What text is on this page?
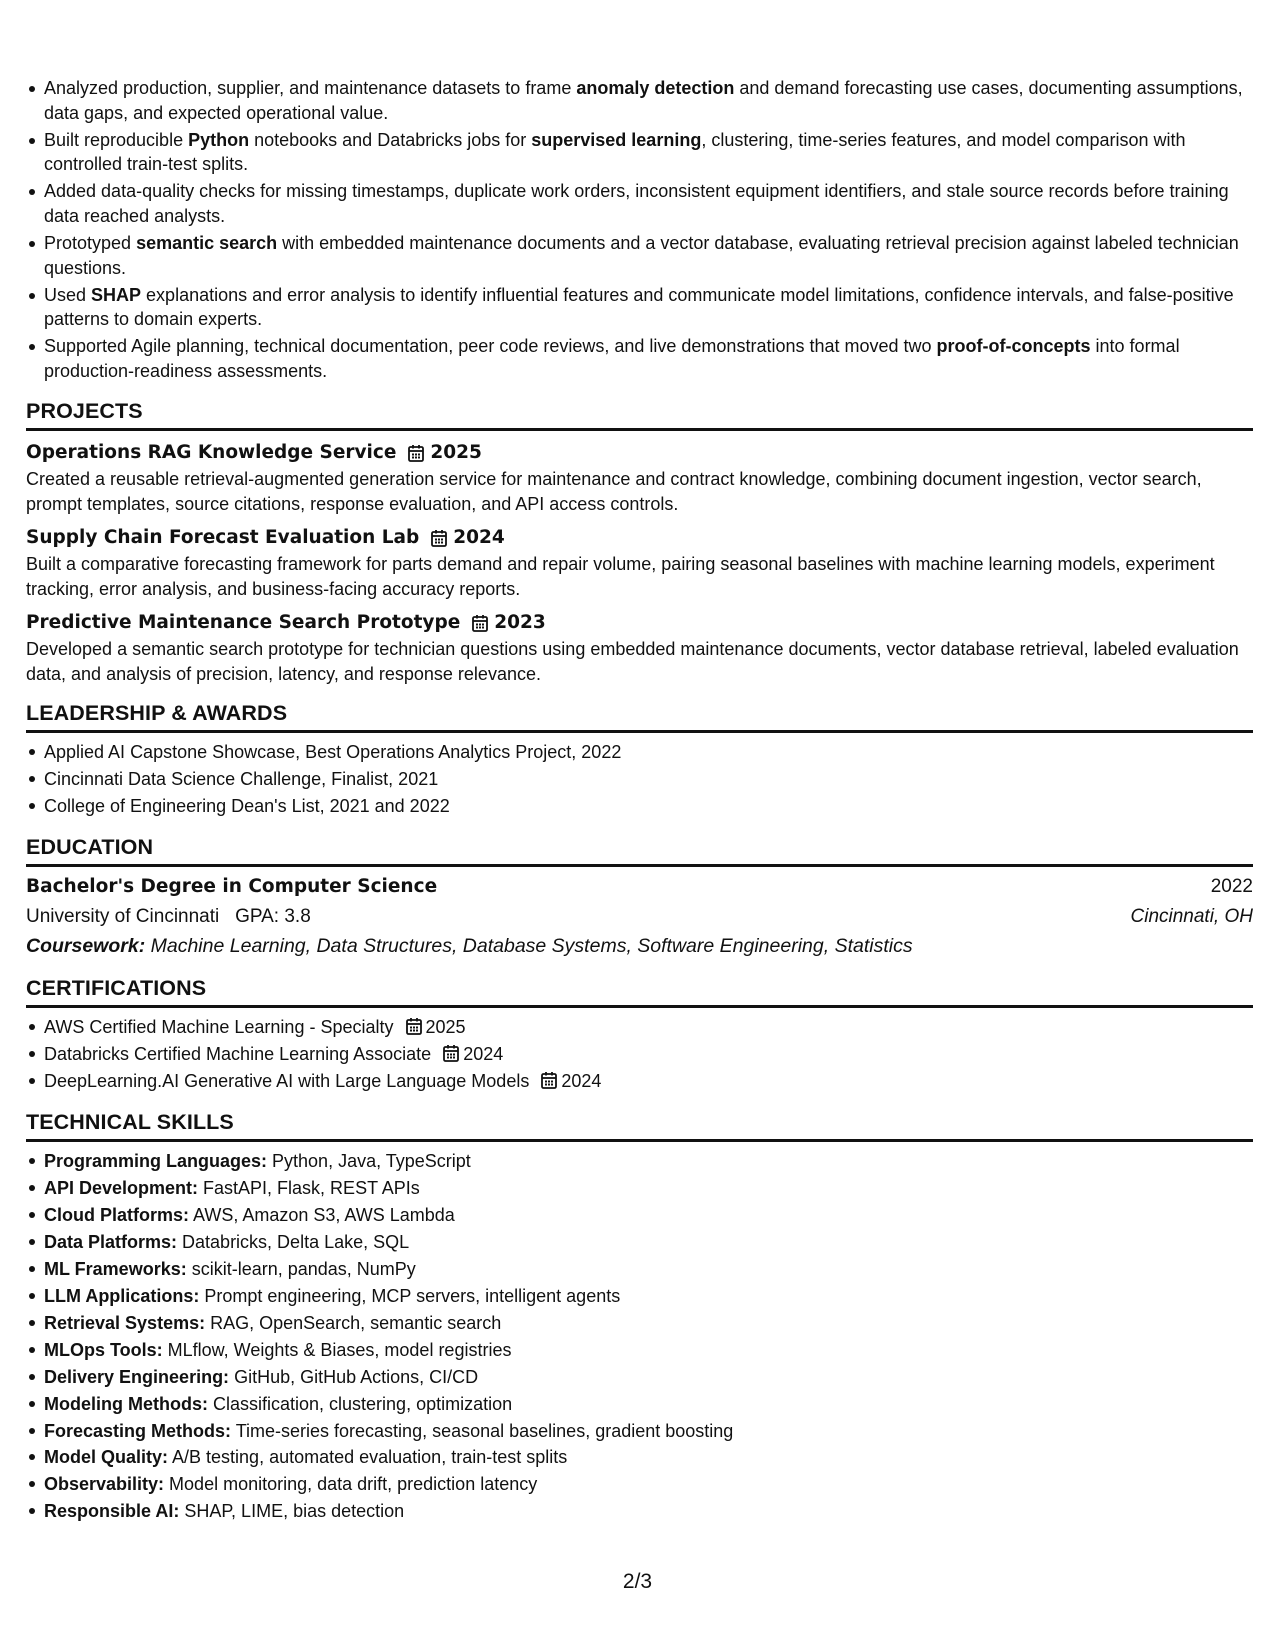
Analyzed production, supplier, and maintenance datasets to frame anomaly detection and demand forecasting use cases, documenting assumptions, data gaps, and expected operational value.
Built reproducible Python notebooks and Databricks jobs for supervised learning, clustering, time-series features, and model comparison with controlled train-test splits.
Added data-quality checks for missing timestamps, duplicate work orders, inconsistent equipment identifiers, and stale source records before training data reached analysts.
Prototyped semantic search with embedded maintenance documents and a vector database, evaluating retrieval precision against labeled technician questions.
Used SHAP explanations and error analysis to identify influential features and communicate model limitations, confidence intervals, and false-positive patterns to domain experts.
Supported Agile planning, technical documentation, peer code reviews, and live demonstrations that moved two proof-of-concepts into formal production-readiness assessments.
PROJECTS
Operations RAG Knowledge Service 2025
Created a reusable retrieval-augmented generation service for maintenance and contract knowledge, combining document ingestion, vector search, prompt templates, source citations, response evaluation, and API access controls.
Supply Chain Forecast Evaluation Lab 2024
Built a comparative forecasting framework for parts demand and repair volume, pairing seasonal baselines with machine learning models, experiment tracking, error analysis, and business-facing accuracy reports.
Predictive Maintenance Search Prototype 2023
Developed a semantic search prototype for technician questions using embedded maintenance documents, vector database retrieval, labeled evaluation data, and analysis of precision, latency, and response relevance.
LEADERSHIP & AWARDS
Applied AI Capstone Showcase, Best Operations Analytics Project, 2022
Cincinnati Data Science Challenge, Finalist, 2021
College of Engineering Dean's List, 2021 and 2022
EDUCATION
Bachelor's Degree in Computer Science	2022
University of Cincinnati GPA: 3.8	Cincinnati, OH
Coursework: Machine Learning, Data Structures, Database Systems, Software Engineering, Statistics
CERTIFICATIONS
AWS Certified Machine Learning - Specialty 2025
Databricks Certified Machine Learning Associate 2024
DeepLearning.AI Generative AI with Large Language Models 2024
TECHNICAL SKILLS
Programming Languages: Python, Java, TypeScript
API Development: FastAPI, Flask, REST APIs
Cloud Platforms: AWS, Amazon S3, AWS Lambda
Data Platforms: Databricks, Delta Lake, SQL
ML Frameworks: scikit-learn, pandas, NumPy
LLM Applications: Prompt engineering, MCP servers, intelligent agents
Retrieval Systems: RAG, OpenSearch, semantic search
MLOps Tools: MLflow, Weights & Biases, model registries
Delivery Engineering: GitHub, GitHub Actions, CI/CD
Modeling Methods: Classification, clustering, optimization
Forecasting Methods: Time-series forecasting, seasonal baselines, gradient boosting
Model Quality: A/B testing, automated evaluation, train-test splits
Observability: Model monitoring, data drift, prediction latency
Responsible AI: SHAP, LIME, bias detection
2/3
